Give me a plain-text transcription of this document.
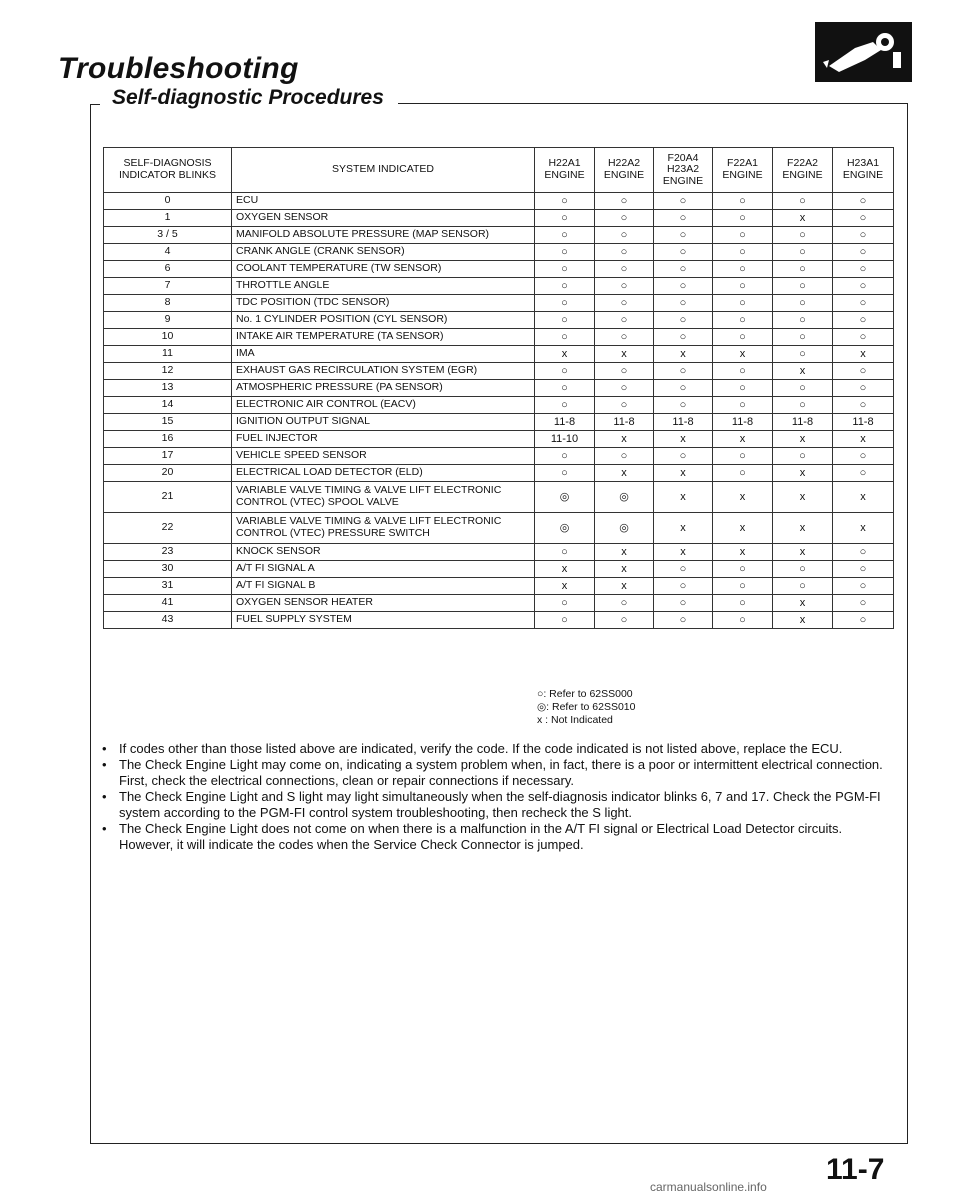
Troubleshooting
Self-diagnostic Procedures
SELF-DIAGNOSIS INDICATOR BLINKS	SYSTEM INDICATED	H22A1 ENGINE	H22A2 ENGINE	F20A4 H23A2 ENGINE	F22A1 ENGINE	F22A2 ENGINE	H23A1 ENGINE
0	ECU	○	○	○	○	○	○
1	OXYGEN SENSOR	○	○	○	○	x	○
3 / 5	MANIFOLD ABSOLUTE PRESSURE (MAP SENSOR)	○	○	○	○	○	○
4	CRANK ANGLE (CRANK SENSOR)	○	○	○	○	○	○
6	COOLANT TEMPERATURE (TW SENSOR)	○	○	○	○	○	○
7	THROTTLE ANGLE	○	○	○	○	○	○
8	TDC POSITION (TDC SENSOR)	○	○	○	○	○	○
9	No. 1 CYLINDER POSITION (CYL SENSOR)	○	○	○	○	○	○
10	INTAKE AIR TEMPERATURE (TA SENSOR)	○	○	○	○	○	○
11	IMA	x	x	x	x	○	x
12	EXHAUST GAS RECIRCULATION SYSTEM (EGR)	○	○	○	○	x	○
13	ATMOSPHERIC PRESSURE (PA SENSOR)	○	○	○	○	○	○
14	ELECTRONIC AIR CONTROL (EACV)	○	○	○	○	○	○
15	IGNITION OUTPUT SIGNAL	11-8	11-8	11-8	11-8	11-8	11-8
16	FUEL INJECTOR	11-10	x	x	x	x	x
17	VEHICLE SPEED SENSOR	○	○	○	○	○	○
20	ELECTRICAL LOAD DETECTOR (ELD)	○	x	x	○	x	○
21	VARIABLE VALVE TIMING & VALVE LIFT ELECTRONIC CONTROL (VTEC) SPOOL VALVE	◎	◎	x	x	x	x
22	VARIABLE VALVE TIMING & VALVE LIFT ELECTRONIC CONTROL (VTEC) PRESSURE SWITCH	◎	◎	x	x	x	x
23	KNOCK SENSOR	○	x	x	x	x	○
30	A/T FI SIGNAL A	x	x	○	○	○	○
31	A/T FI SIGNAL B	x	x	○	○	○	○
41	OXYGEN SENSOR HEATER	○	○	○	○	x	○
43	FUEL SUPPLY SYSTEM	○	○	○	○	x	○
○: Refer to 62SS000
◎: Refer to 62SS010
x : Not Indicated
• If codes other than those listed above are indicated, verify the code. If the code indicated is not listed above, replace the ECU.
• The Check Engine Light may come on, indicating a system problem when, in fact, there is a poor or intermittent electrical connection. First, check the electrical connections, clean or repair connections if necessary.
• The Check Engine Light and S light may light simultaneously when the self-diagnosis indicator blinks 6, 7 and 17. Check the PGM-FI system according to the PGM-FI control system troubleshooting, then recheck the S light.
• The Check Engine Light does not come on when there is a malfunction in the A/T FI signal or Electrical Load Detector circuits. However, it will indicate the codes when the Service Check Connector is jumped.
11-7
carmanualsonline.info
